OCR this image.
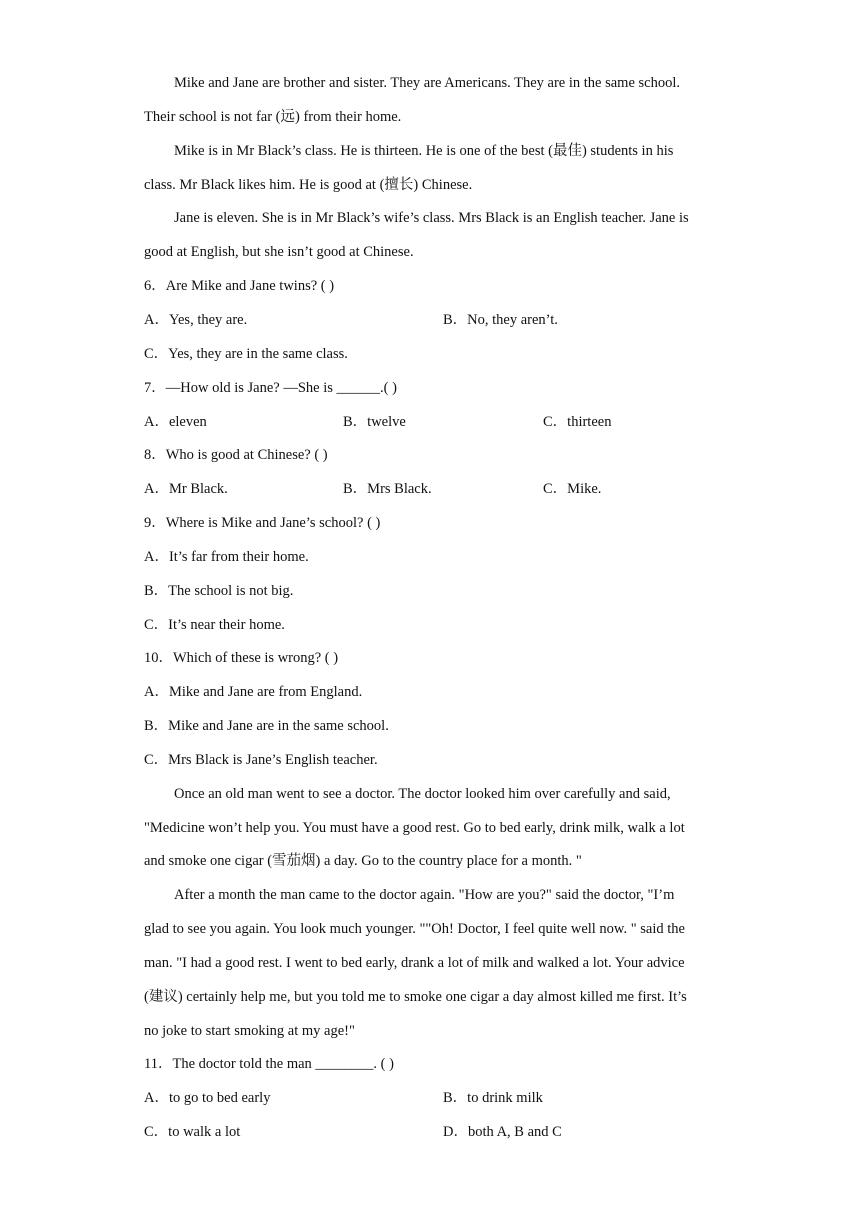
Mike and Jane are brother and sister. They are Americans. They are in the same school.
Their school is not far (远) from their home.
Mike is in Mr Black’s class. He is thirteen. He is one of the best (最佳) students in his
class. Mr Black likes him. He is good at (擅长) Chinese.
Jane is eleven. She is in Mr Black’s wife’s class. Mrs Black is an English teacher. Jane is
good at English, but she isn’t good at Chinese.
6．Are Mike and Jane twins? ( )
A．Yes, they are.	B．No, they aren’t.
C．Yes, they are in the same class.
7．—How old is Jane? —She is ______.( )
A．eleven	B．twelve	C．thirteen
8．Who is good at Chinese? ( )
A．Mr Black.	B．Mrs Black.	C．Mike.
9．Where is Mike and Jane’s school? ( )
A．It’s far from their home.
B．The school is not big.
C．It’s near their home.
10．Which of these is wrong? ( )
A．Mike and Jane are from England.
B．Mike and Jane are in the same school.
C．Mrs Black is Jane’s English teacher.
Once an old man went to see a doctor. The doctor looked him over carefully and said,
"Medicine won’t help you. You must have a good rest. Go to bed early, drink milk, walk a lot
and smoke one cigar (雪茄烟) a day. Go to the country place for a month. "
After a month the man came to the doctor again. "How are you?" said the doctor, "I’m
glad to see you again. You look much younger. ""Oh! Doctor, I feel quite well now. " said the
man. "I had a good rest. I went to bed early, drank a lot of milk and walked a lot. Your advice
(建议) certainly help me, but you told me to smoke one cigar a day almost killed me first. It’s
no joke to start smoking at my age!"
11．The doctor told the man ________. ( )
A．to go to bed early	B．to drink milk
C．to walk a lot	D．both A, B and C
